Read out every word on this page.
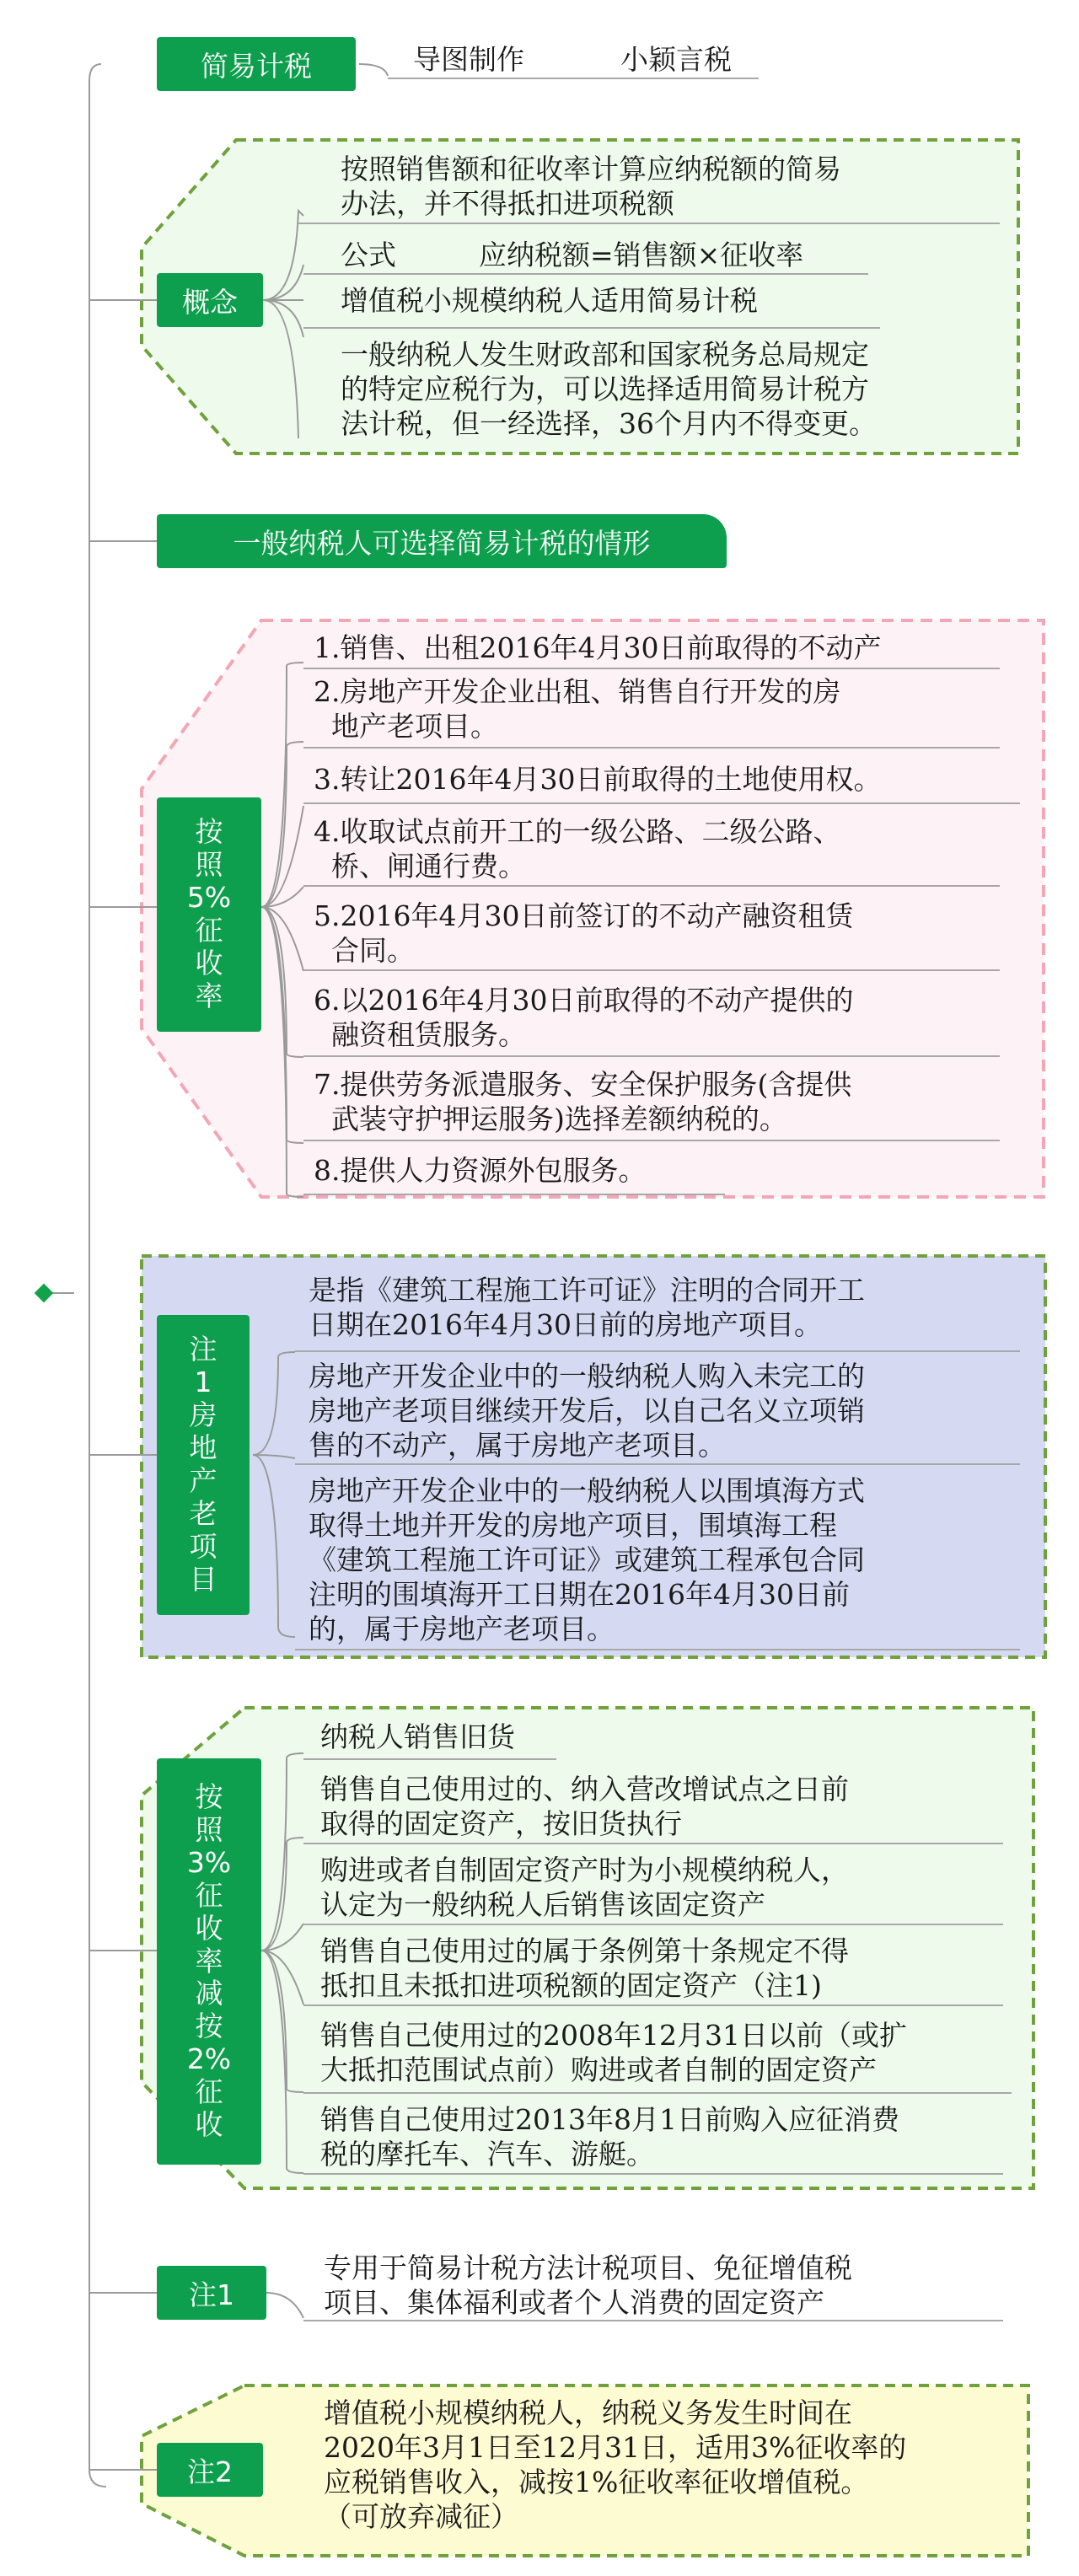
简易计税	导图制作	小颖言税
概念
按照销售额和征收率计算应纳税额的简易
办法，并不得抵扣进项税额
公式	应纳税额=销售额×征收率
增值税小规模纳税人适用简易计税
一般纳税人发生财政部和国家税务总局规定
的特定应税行为，可以选择适用简易计税方
法计税，但一经选择，36个月内不得变更。
一般纳税人可选择简易计税的情形
按
照
5%
征
收
率
1.销售、出租2016年4月30日前取得的不动产
2.房地产开发企业出租、销售自行开发的房
地产老项目。
3.转让2016年4月30日前取得的土地使用权。
4.收取试点前开工的一级公路、二级公路、
桥、闸通行费。
5.2016年4月30日前签订的不动产融资租赁
合同。
6.以2016年4月30日前取得的不动产提供的
融资租赁服务。
7.提供劳务派遣服务、安全保护服务(含提供
武装守护押运服务)选择差额纳税的。
8.提供人力资源外包服务。
注
1
房
地
产
老
项
目
是指《建筑工程施工许可证》注明的合同开工
日期在2016年4月30日前的房地产项目。
房地产开发企业中的一般纳税人购入未完工的
房地产老项目继续开发后，以自己名义立项销
售的不动产，属于房地产老项目。
房地产开发企业中的一般纳税人以围填海方式
取得土地并开发的房地产项目，围填海工程
《建筑工程施工许可证》或建筑工程承包合同
注明的围填海开工日期在2016年4月30日前
的，属于房地产老项目。
按
照
3%
征
收
率
减
按
2%
征
收
纳税人销售旧货
销售自己使用过的、纳入营改增试点之日前
取得的固定资产，按旧货执行
购进或者自制固定资产时为小规模纳税人，
认定为一般纳税人后销售该固定资产
销售自己使用过的属于条例第十条规定不得
抵扣且未抵扣进项税额的固定资产（注1)
销售自己使用过的2008年12月31日以前（或扩
大抵扣范围试点前）购进或者自制的固定资产
销售自己使用过2013年8月1日前购入应征消费
税的摩托车、汽车、游艇。
注1
专用于简易计税方法计税项目、免征增值税
项目、集体福利或者个人消费的固定资产
注2
增值税小规模纳税人，纳税义务发生时间在
2020年3月1日至12月31日，适用3%征收率的
应税销售收入，减按1%征收率征收增值税。
（可放弃减征）
